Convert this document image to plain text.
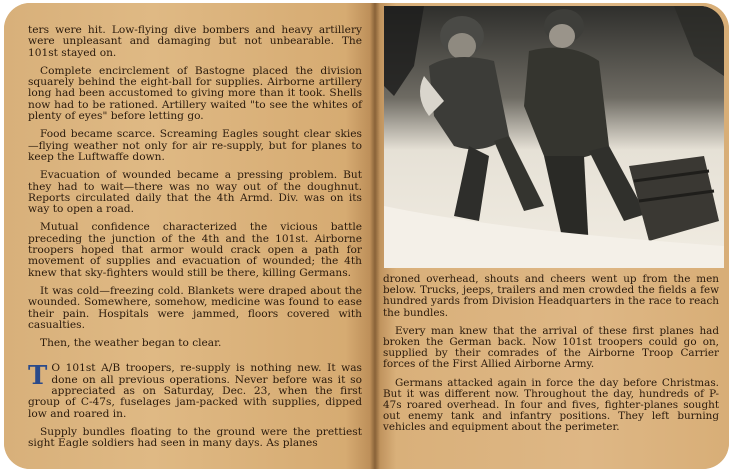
ters were hit. Low-flying dive bombers and heavy artillery were unpleasant and damaging but not unbearable. The 101st stayed on.

Complete encirclement of Bastogne placed the division squarely behind the eight-ball for supplies. Airborne artillery long had been accustomed to giving more than it took. Shells now had to be rationed. Artillery waited "to see the whites of plenty of eyes" before letting go.

Food became scarce. Screaming Eagles sought clear skies —flying weather not only for air re-supply, but for planes to keep the Luftwaffe down.

Evacuation of wounded became a pressing problem. But they had to wait—there was no way out of the doughnut. Reports circulated daily that the 4th Armd. Div. was on its way to open a road.

Mutual confidence characterized the vicious battle preceding the junction of the 4th and the 101st. Airborne troopers hoped that armor would crack open a path for movement of supplies and evacuation of wounded; the 4th knew that sky-fighters would still be there, killing Germans.

It was cold—freezing cold. Blankets were draped about the wounded. Somewhere, somehow, medicine was found to ease their pain. Hospitals were jammed, floors covered with casualties.

Then, the weather began to clear.

T O 101st A/B troopers, re-supply is nothing new. It was done on all previous operations. Never before was it so appreciated as on Saturday, Dec. 23, when the first group of C-47s, fuselages jam-packed with supplies, dipped low and roared in.

Supply bundles floating to the ground were the prettiest sight Eagle soldiers had seen in many days. As planes

droned overhead, shouts and cheers went up from the men below. Trucks, jeeps, trailers and men crowded the fields a few hundred yards from Division Headquarters in the race to reach the bundles.

Every man knew that the arrival of these first planes had broken the German back. Now 101st troopers could go on, supplied by their comrades of the Airborne Troop Carrier forces of the First Allied Airborne Army.

Germans attacked again in force the day before Christmas. But it was different now. Throughout the day, hundreds of P-47s roared overhead. In four and fives, fighter-planes sought out enemy tank and infantry positions. They left burning vehicles and equipment about the perimeter.
